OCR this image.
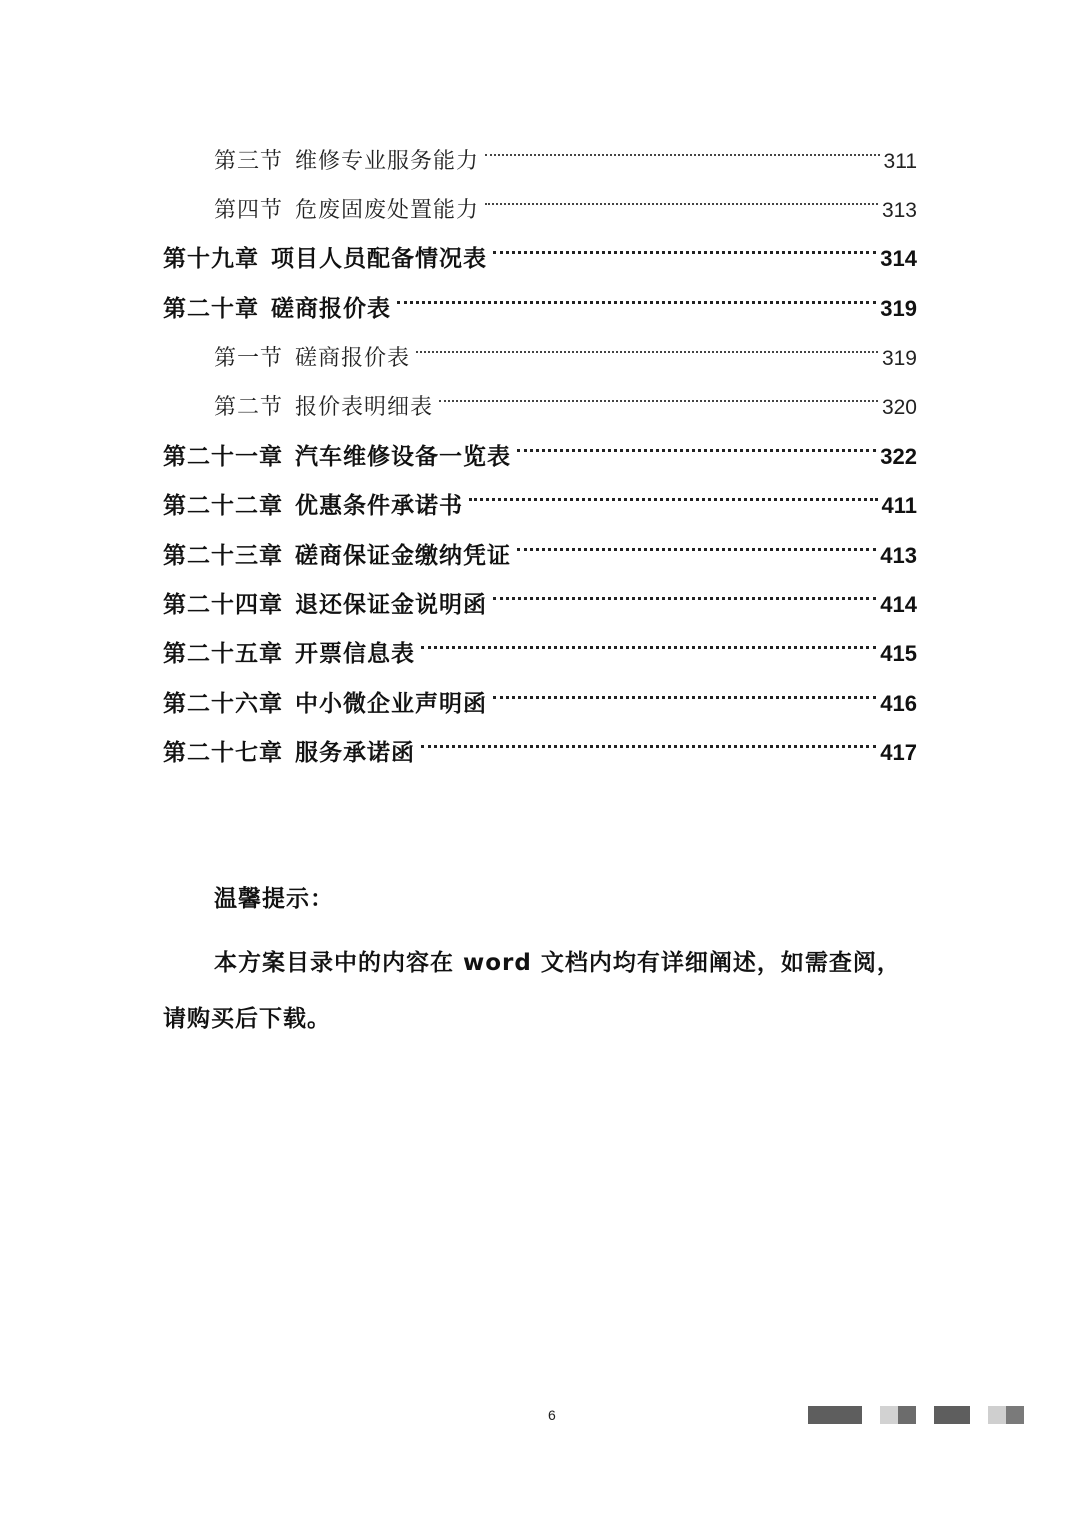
第三节 维修专业服务能力	311
第四节 危废固废处置能力	313
第十九章 项目人员配备情况表	314
第二十章 磋商报价表	319
第一节 磋商报价表	319
第二节 报价表明细表	320
第二十一章 汽车维修设备一览表	322
第二十二章 优惠条件承诺书	411
第二十三章 磋商保证金缴纳凭证	413
第二十四章 退还保证金说明函	414
第二十五章 开票信息表	415
第二十六章 中小微企业声明函	416
第二十七章 服务承诺函	417
温馨提示：
本方案目录中的内容在 word 文档内均有详细阐述，如需查阅，请购买后下载。
6
